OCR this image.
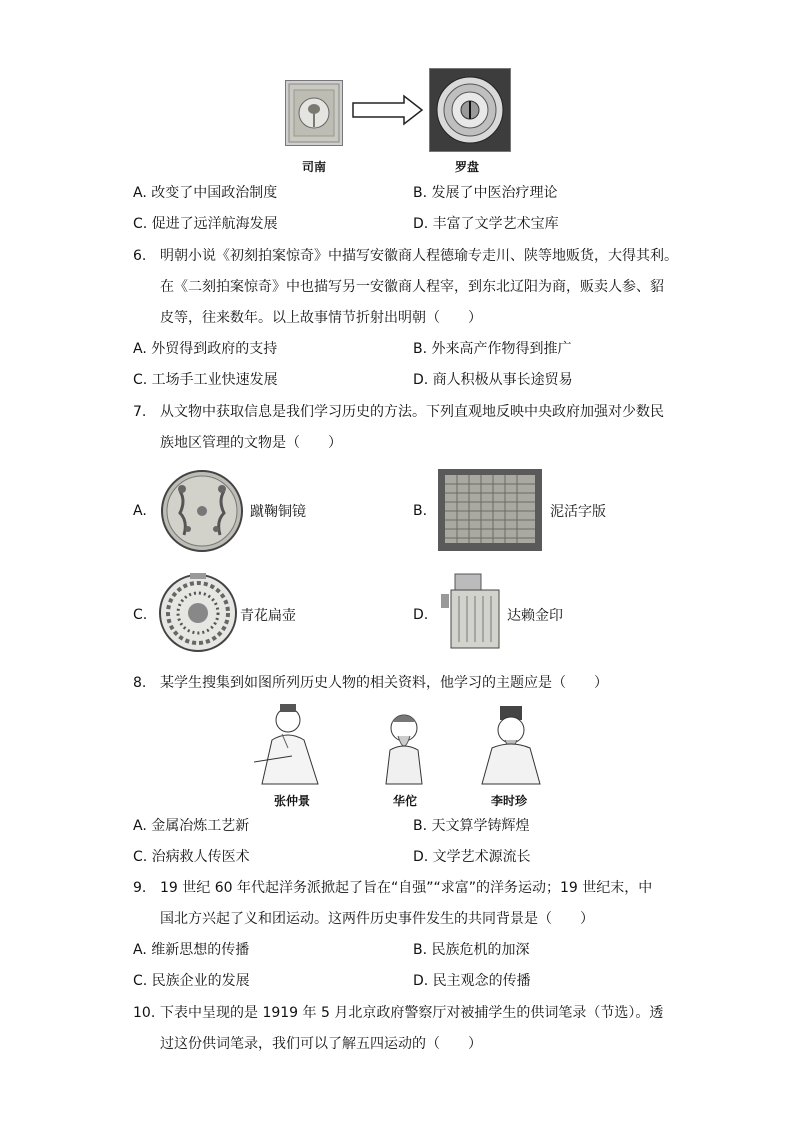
司南	罗盘
A. 改变了中国政治制度	B. 发展了中医治疗理论
C. 促进了远洋航海发展	D. 丰富了文学艺术宝库
6. 明朝小说《初刻拍案惊奇》中描写安徽商人程德瑜专走川、陕等地贩货，大得其利。
在《二刻拍案惊奇》中也描写另一安徽商人程宰，到东北辽阳为商，贩卖人参、貂
皮等，往来数年。以上故事情节折射出明朝（　　）
A. 外贸得到政府的支持	B. 外来高产作物得到推广
C. 工场手工业快速发展	D. 商人积极从事长途贸易
7. 从文物中获取信息是我们学习历史的方法。下列直观地反映中央政府加强对少数民
族地区管理的文物是（　　）
A.	蹴鞠铜镜	B.	泥活字版
C.	青花扁壶	D.	达赖金印
8. 某学生搜集到如图所列历史人物的相关资料，他学习的主题应是（　　）
张仲景	华佗	李时珍
A. 金属冶炼工艺新	B. 天文算学铸辉煌
C. 治病救人传医术	D. 文学艺术源流长
9. 19 世纪 60 年代起洋务派掀起了旨在“自强”“求富”的洋务运动；19 世纪末，中
国北方兴起了义和团运动。这两件历史事件发生的共同背景是（　　）
A. 维新思想的传播	B. 民族危机的加深
C. 民族企业的发展	D. 民主观念的传播
10. 下表中呈现的是 1919 年 5 月北京政府警察厅对被捕学生的供词笔录（节选）。透
过这份供词笔录，我们可以了解五四运动的（　　）
